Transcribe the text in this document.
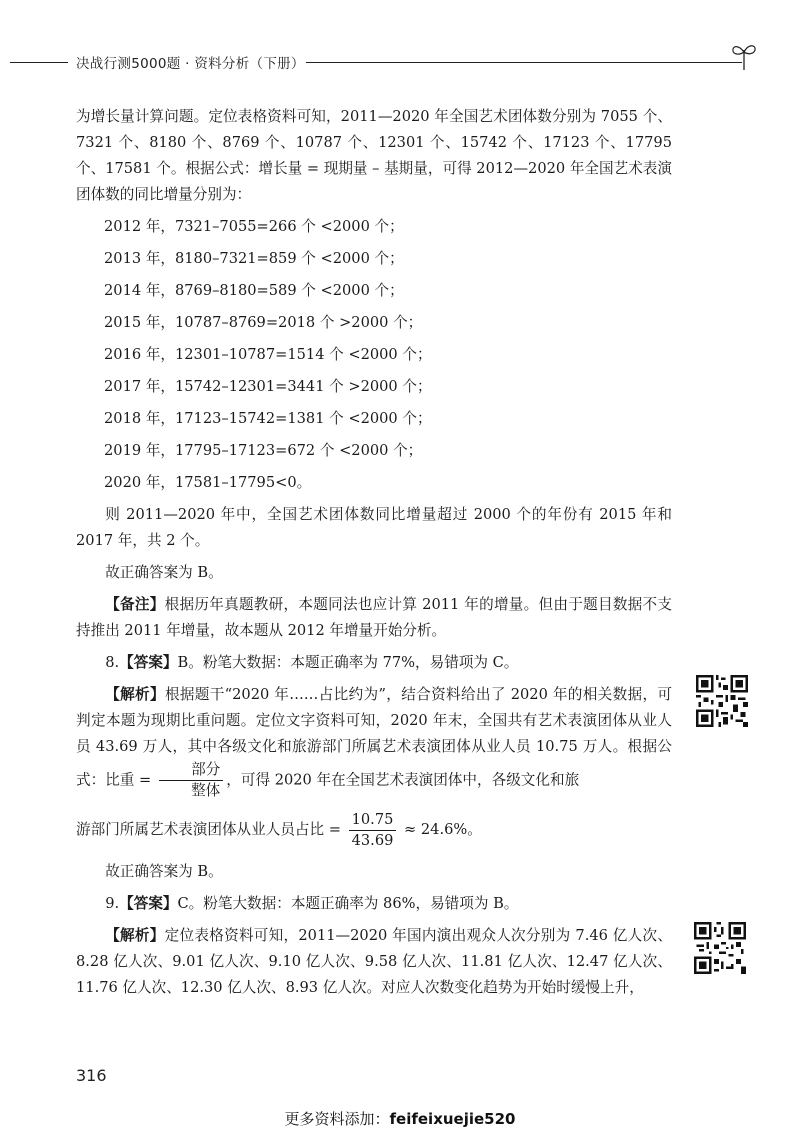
决战行测5000题 · 资料分析（下册）

为增长量计算问题。定位表格资料可知，2011—2020 年全国艺术团体数分别为 7055 个、7321 个、8180 个、8769 个、10787 个、12301 个、15742 个、17123 个、17795 个、17581 个。根据公式：增长量 = 现期量 – 基期量，可得 2012—2020 年全国艺术表演团体数的同比增量分别为：

2012 年，7321–7055=266 个 <2000 个；
2013 年，8180–7321=859 个 <2000 个；
2014 年，8769–8180=589 个 <2000 个；
2015 年，10787–8769=2018 个 >2000 个；
2016 年，12301–10787=1514 个 <2000 个；
2017 年，15742–12301=3441 个 >2000 个；
2018 年，17123–15742=1381 个 <2000 个；
2019 年，17795–17123=672 个 <2000 个；
2020 年，17581–17795<0。

则 2011—2020 年中，全国艺术团体数同比增量超过 2000 个的年份有 2015 年和 2017 年，共 2 个。

故正确答案为 B。

【备注】根据历年真题教研，本题同法也应计算 2011 年的增量。但由于题目数据不支持推出 2011 年增量，故本题从 2012 年增量开始分析。

8.【答案】B。粉笔大数据：本题正确率为 77%，易错项为 C。

【解析】根据题干“2020 年……占比约为”，结合资料给出了 2020 年的相关数据，可判定本题为现期比重问题。定位文字资料可知，2020 年末，全国共有艺术表演团体从业人员 43.69 万人，其中各级文化和旅游部门所属艺术表演团体从业人员 10.75 万人。根据公式：比重 = $\frac{\text{部分}}{\text{整体}}$ ，可得 2020 年在全国艺术表演团体中，各级文化和旅

游部门所属艺术表演团体从业人员占比 = $\frac{10.75}{43.69} \approx 24.6\%$。

故正确答案为 B。

9.【答案】C。粉笔大数据：本题正确率为 86%，易错项为 B。

【解析】定位表格资料可知，2011—2020 年国内演出观众人次分别为 7.46 亿人次、8.28 亿人次、9.01 亿人次、9.10 亿人次、9.58 亿人次、11.81 亿人次、12.47 亿人次、11.76 亿人次、12.30 亿人次、8.93 亿人次。对应人次数变化趋势为开始时缓慢上升，

316
更多资料添加：feifeixuejie520
